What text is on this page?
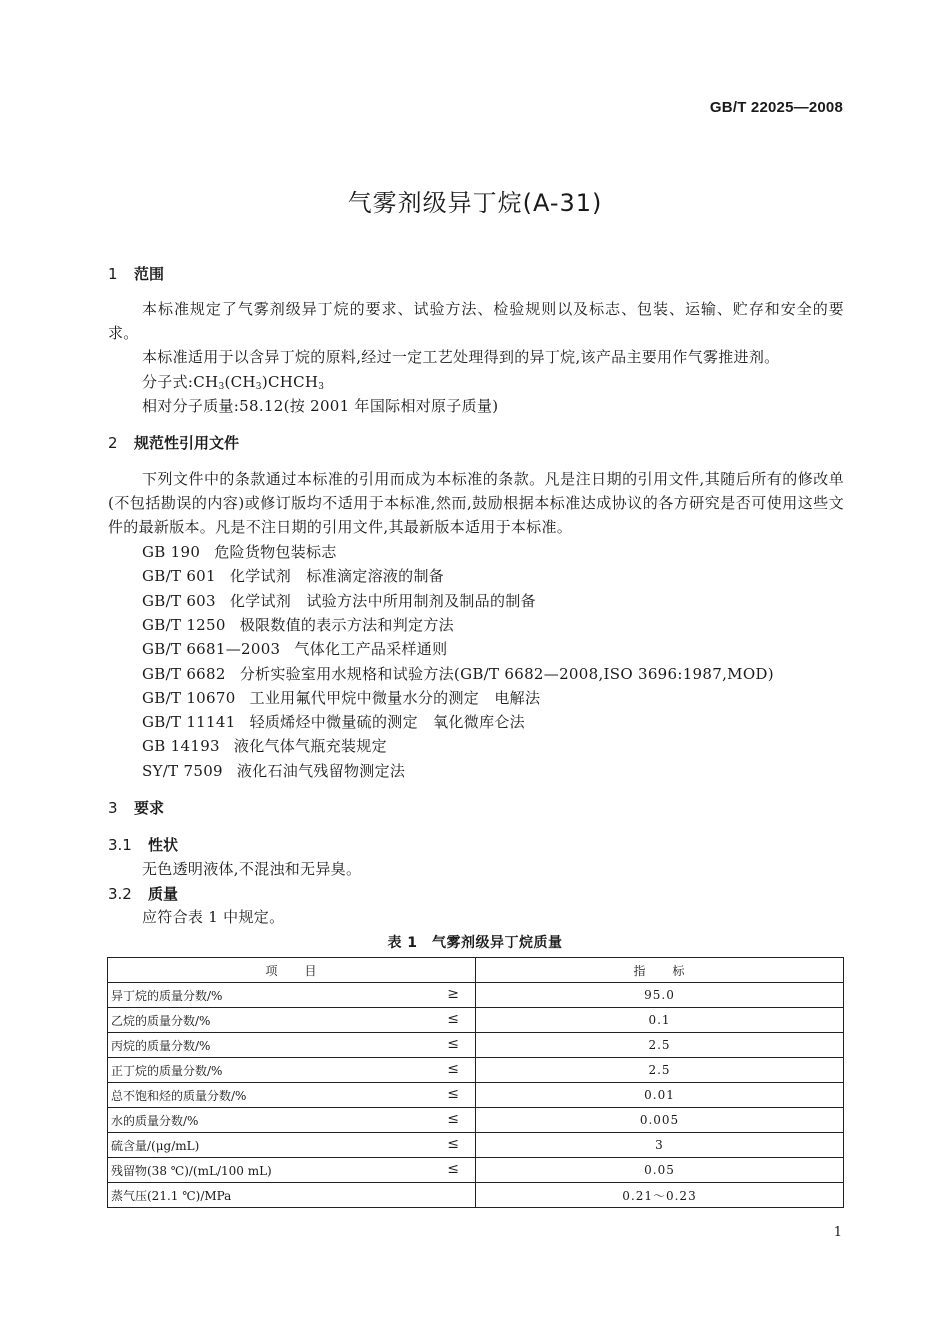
GB/T 22025—2008
气雾剂级异丁烷(A-31)
1 范围
本标准规定了气雾剂级异丁烷的要求、试验方法、检验规则以及标志、包装、运输、贮存和安全的要求。
本标准适用于以含异丁烷的原料,经过一定工艺处理得到的异丁烷,该产品主要用作气雾推进剂。
分子式$:CH_3(CH_3)CHCH_3$
相对分子质量:58.12(按 2001 年国际相对原子质量)
2 规范性引用文件
下列文件中的条款通过本标准的引用而成为本标准的条款。凡是注日期的引用文件,其随后所有的修改单(不包括勘误的内容)或修订版均不适用于本标准,然而,鼓励根据本标准达成协议的各方研究是否可使用这些文件的最新版本。凡是不注日期的引用文件,其最新版本适用于本标准。
GB 190 危险货物包装标志
GB/T 601 化学试剂　标准滴定溶液的制备
GB/T 603 化学试剂　试验方法中所用制剂及制品的制备
GB/T 1250 极限数值的表示方法和判定方法
GB/T 6681—2003 气体化工产品采样通则
GB/T 6682 分析实验室用水规格和试验方法(GB/T 6682—2008,ISO 3696:1987,MOD)
GB/T 10670 工业用氟代甲烷中微量水分的测定　电解法
GB/T 11141 轻质烯烃中微量硫的测定　氧化微库仑法
GB 14193 液化气体气瓶充装规定
SY/T 7509 液化石油气残留物测定法
3 要求
3.1 性状
无色透明液体,不混浊和无异臭。
3.2 质量
应符合表 1 中规定。
表 1　气雾剂级异丁烷质量
项　　目	指　　标
异丁烷的质量分数/% ≥	95.0
乙烷的质量分数/% ≤	0.1
丙烷的质量分数/% ≤	2.5
正丁烷的质量分数/% ≤	2.5
总不饱和烃的质量分数/% ≤	0.01
水的质量分数/% ≤	0.005
硫含量/(μg/mL) ≤	3
残留物(38 ℃)/(mL/100 mL) ≤	0.05
蒸气压(21.1 ℃)/MPa	0.21～0.23
1
